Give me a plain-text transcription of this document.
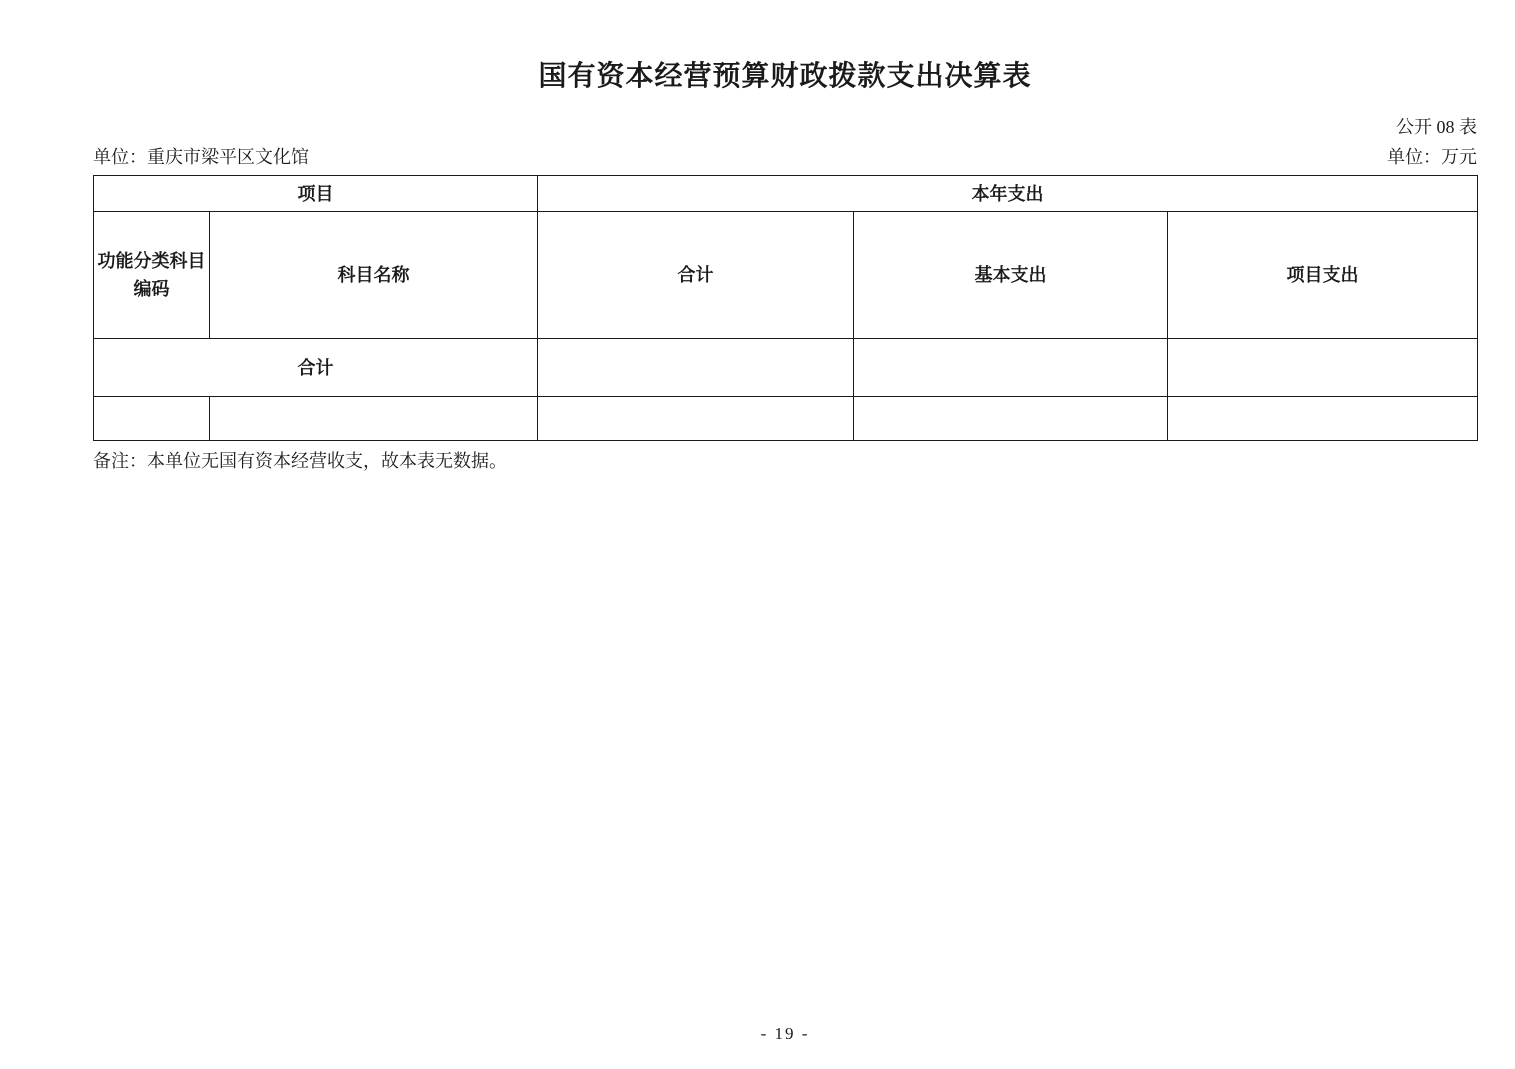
国有资本经营预算财政拨款支出决算表
公开 08 表
单位：重庆市梁平区文化馆	单位：万元
项目		本年支出		

功能分类科目
编码	科目名称	合计	基本支出	项目支出
合计				

备注：本单位无国有资本经营收支，故本表无数据。
- 19 -
